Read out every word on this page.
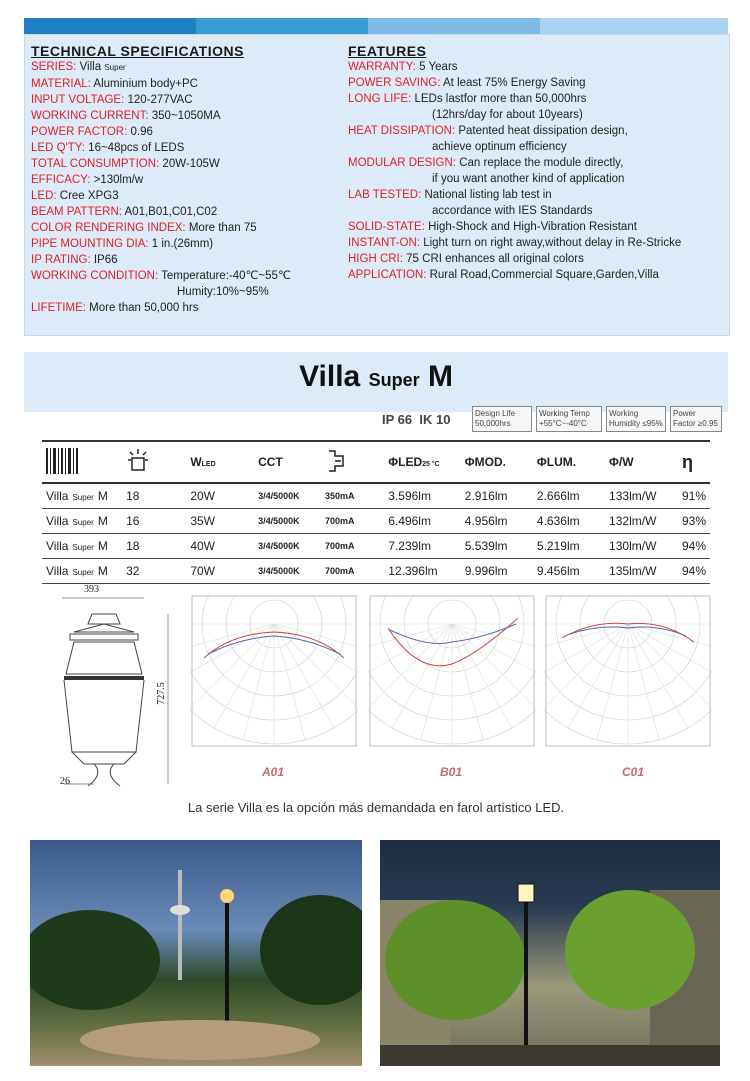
TECHNICAL SPECIFICATIONS
SERIES: Villa Super
MATERIAL: Aluminium body+PC
INPUT VOLTAGE: 120-277VAC
WORKING CURRENT: 350~1050MA
POWER FACTOR: 0.96
LED Q'TY: 16~48pcs of LEDS
TOTAL CONSUMPTION: 20W-105W
EFFICACY: >130lm/w
LED: Cree XPG3
BEAM PATTERN: A01,B01,C01,C02
COLOR RENDERING INDEX: More than 75
PIPE MOUNTING DIA: 1 in.(26mm)
IP RATING: IP66
WORKING CONDITION: Temperature:-40℃~55℃
Humity:10%~95%
LIFETIME: More than 50,000 hrs
FEATURES
WARRANTY: 5 Years
POWER SAVING: At least 75% Energy Saving
LONG LIFE: LEDs lastfor more than 50,000hrs
(12hrs/day for about 10years)
HEAT DISSIPATION: Patented heat dissipation design,
achieve optinum efficiency
MODULAR DESIGN: Can replace the module directly,
if you want another kind of application
LAB TESTED: National listing lab test in
accordance with IES Standards
SOLID-STATE: High-Shock and High-Vibration Resistant
INSTANT-ON: Light turn on right away,without delay in Re-Stricke
HIGH CRI: 75 CRI enhances all original colors
APPLICATION: Rural Road,Commercial Square,Garden,Villa
Villa Super M
IP 66 IK 10	Design Life
50,000hrs
Working Temp
+55°C~-40°C
Working
Humidity ≤95%
Power
Factor ≥0.95
		WLED	CCT		ΦLED25 °C	ΦMOD.	ΦLUM.	Φ/W	η
Villa Super M	18	20W	3/4/5000K	350mA	3.596lm	2.916lm	2.666lm	133lm/W	91%
Villa Super M	16	35W	3/4/5000K	700mA	6.496lm	4.956lm	4.636lm	132lm/W	93%
Villa Super M	18	40W	3/4/5000K	700mA	7.239lm	5.539lm	5.219lm	130lm/W	94%
Villa Super M	32	70W	3/4/5000K	700mA	12.396lm	9.996lm	9.456lm	135lm/W	94%
393
727.5
26
A01	B01	C01
La serie Villa es la opción más demandada en farol artístico LED.
